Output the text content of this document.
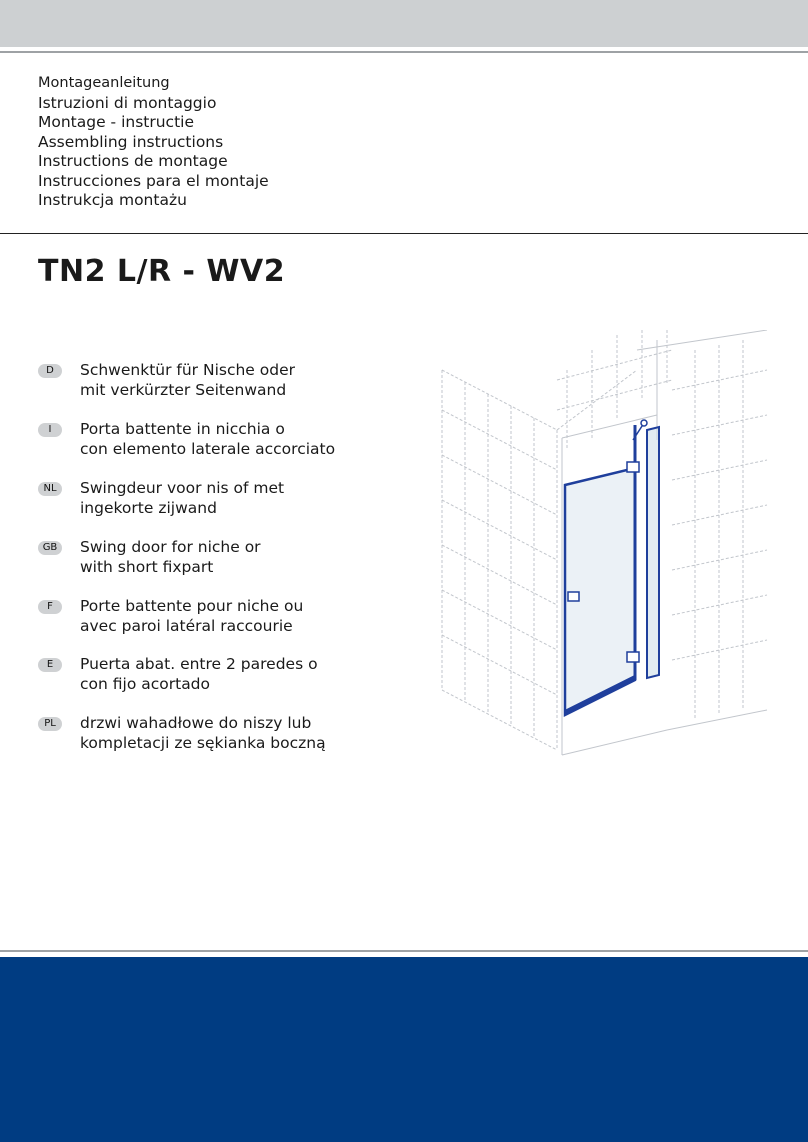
Montageanleitung
Istruzioni di montaggio
Montage - instructie
Assembling instructions
Instructions de montage
Instrucciones para el montaje
Instrukcja montażu
TN2 L/R - WV2
D	Schwenktür für Nische oder
mit verkürzter Seitenwand
I	Porta battente in nicchia o
con elemento laterale accorciato
NL	Swingdeur voor nis of met
ingekorte zijwand
GB	Swing door for niche or
with short fixpart
F	Porte battente pour niche ou
avec paroi latéral raccourie
E	Puerta abat. entre 2 paredes o
con fijo acortado
PL	drzwi wahadłowe do niszy lub
kompletacji ze sękianka boczną
